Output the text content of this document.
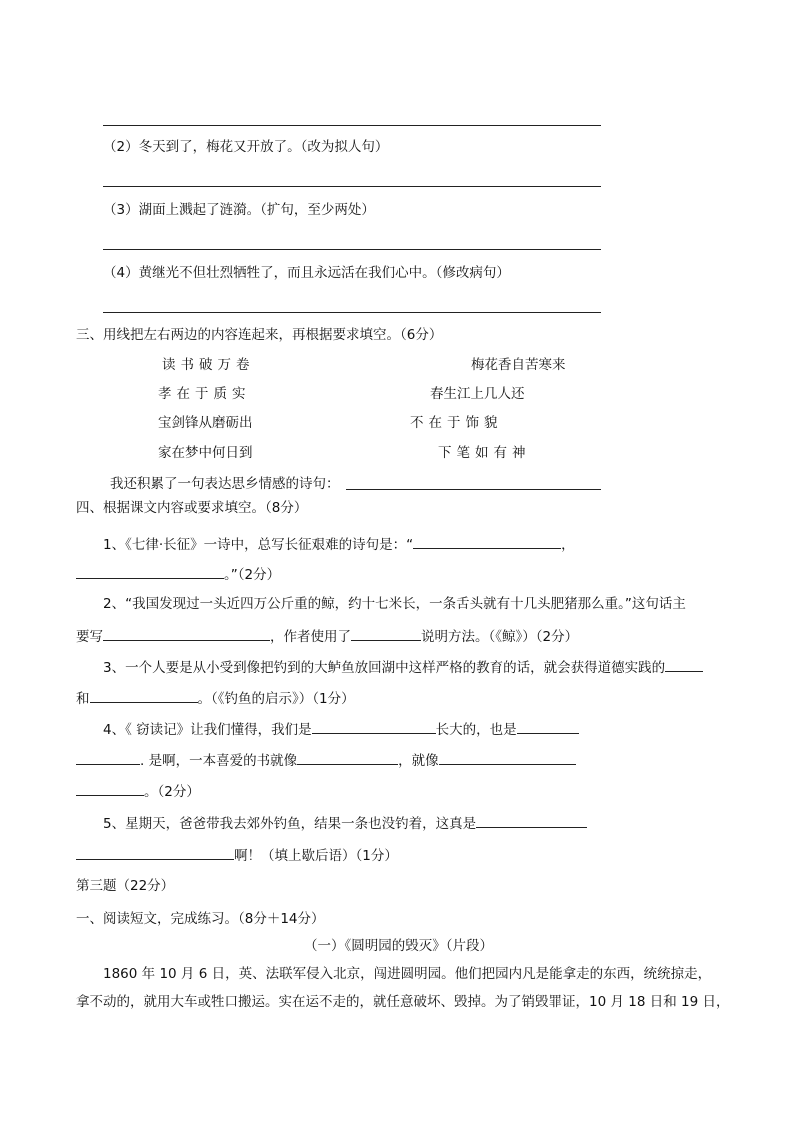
（2）冬天到了，梅花又开放了。（改为拟人句）
（3）湖面上溅起了涟漪。（扩句，至少两处）
（4）黄继光不但壮烈牺牲了，而且永远活在我们心中。（修改病句）
三、用线把左右两边的内容连起来，再根据要求填空。（6分）
读书破万卷	梅花香自苦寒来
孝在于质实	春生江上几人还
宝剑锋从磨砺出	不在于饰貌
家在梦中何日到	下笔如有神
我还积累了一句表达思乡情感的诗句：
四、根据课文内容或要求填空。（8分）
1、《七律·长征》一诗中，总写长征艰难的诗句是：“	，
。”（2分）
2、“我国发现过一头近四万公斤重的鲸，约十七米长，一条舌头就有十几头肥猪那么重。”这句话主
要写	，作者使用了	说明方法。（《鲸》）（2分）
3、一个人要是从小受到像把钓到的大鲈鱼放回湖中这样严格的教育的话，就会获得道德实践的
和	。（《钓鱼的启示》）（1分）
4、《 窃读记》让我们懂得，我们是	长大的，也是
. 是啊，一本喜爱的书就像	，就像
。（2分）
5、星期天，爸爸带我去郊外钓鱼，结果一条也没钓着，这真是
啊！（填上歇后语）（1分）
第三题（22分）
一、阅读短文，完成练习。（8分＋14分）
（一）《圆明园的毁灭》（片段）
1860 年 10 月 6 日，英、法联军侵入北京，闯进圆明园。他们把园内凡是能拿走的东西，统统掠走，
拿不动的，就用大车或牲口搬运。实在运不走的，就任意破坏、毁掉。为了销毁罪证，10 月 18 日和 19 日，
